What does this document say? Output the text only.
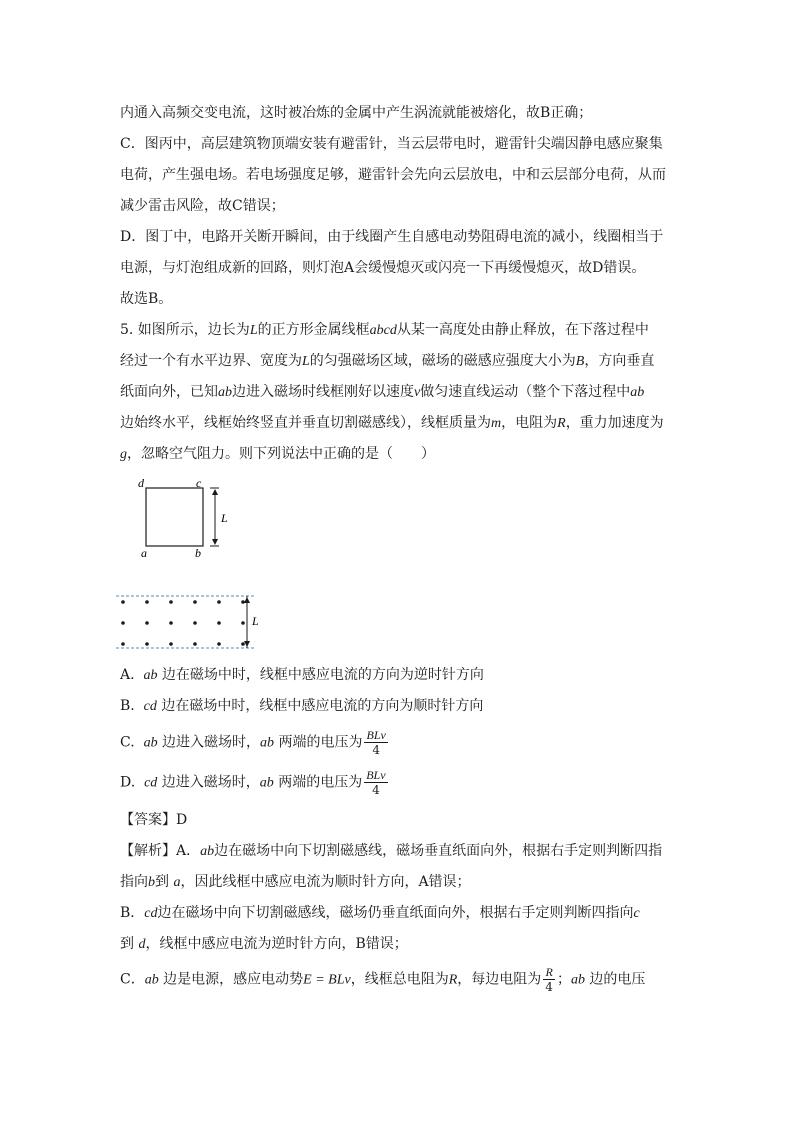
内通入高频交变电流，这时被冶炼的金属中产生涡流就能被熔化，故B正确；
C．图丙中，高层建筑物顶端安装有避雷针，当云层带电时，避雷针尖端因静电感应聚集
电荷，产生强电场。若电场强度足够，避雷针会先向云层放电，中和云层部分电荷，从而
减少雷击风险，故C错误；
D．图丁中，电路开关断开瞬间，由于线圈产生自感电动势阻碍电流的减小，线圈相当于
电源，与灯泡组成新的回路，则灯泡A会缓慢熄灭或闪亮一下再缓慢熄灭，故D错误。
故选B。
5. 如图所示，边长为L的正方形金属线框abcd从某一高度处由静止释放，在下落过程中
经过一个有水平边界、宽度为L的匀强磁场区域，磁场的磁感应强度大小为B，方向垂直
纸面向外，已知ab边进入磁场时线框刚好以速度v做匀速直线运动（整个下落过程中ab
边始终水平，线框始终竖直并垂直切割磁感线），线框质量为m，电阻为R，重力加速度为
g，忽略空气阻力。则下列说法中正确的是（　　）
d	c
a	b
L
L
A. ab 边在磁场中时，线框中感应电流的方向为逆时针方向
B. cd 边在磁场中时，线框中感应电流的方向为顺时针方向
C. ab 边进入磁场时，ab 两端的电压为 $\frac{\text{BLv}}{4}$
D. cd 边进入磁场时，ab 两端的电压为 $\frac{\text{BLv}}{4}$
【答案】D
【解析】A．ab边在磁场中向下切割磁感线，磁场垂直纸面向外，根据右手定则判断四指
指向b到 a，因此线框中感应电流为顺时针方向，A错误；
B．cd边在磁场中向下切割磁感线，磁场仍垂直纸面向外，根据右手定则判断四指向c
到 d，线框中感应电流为逆时针方向，B错误；
C．ab 边是电源，感应电动势E = BLv，线框总电阻为R，每边电阻为 $\frac{R}{4}$ ；ab 边的电压
